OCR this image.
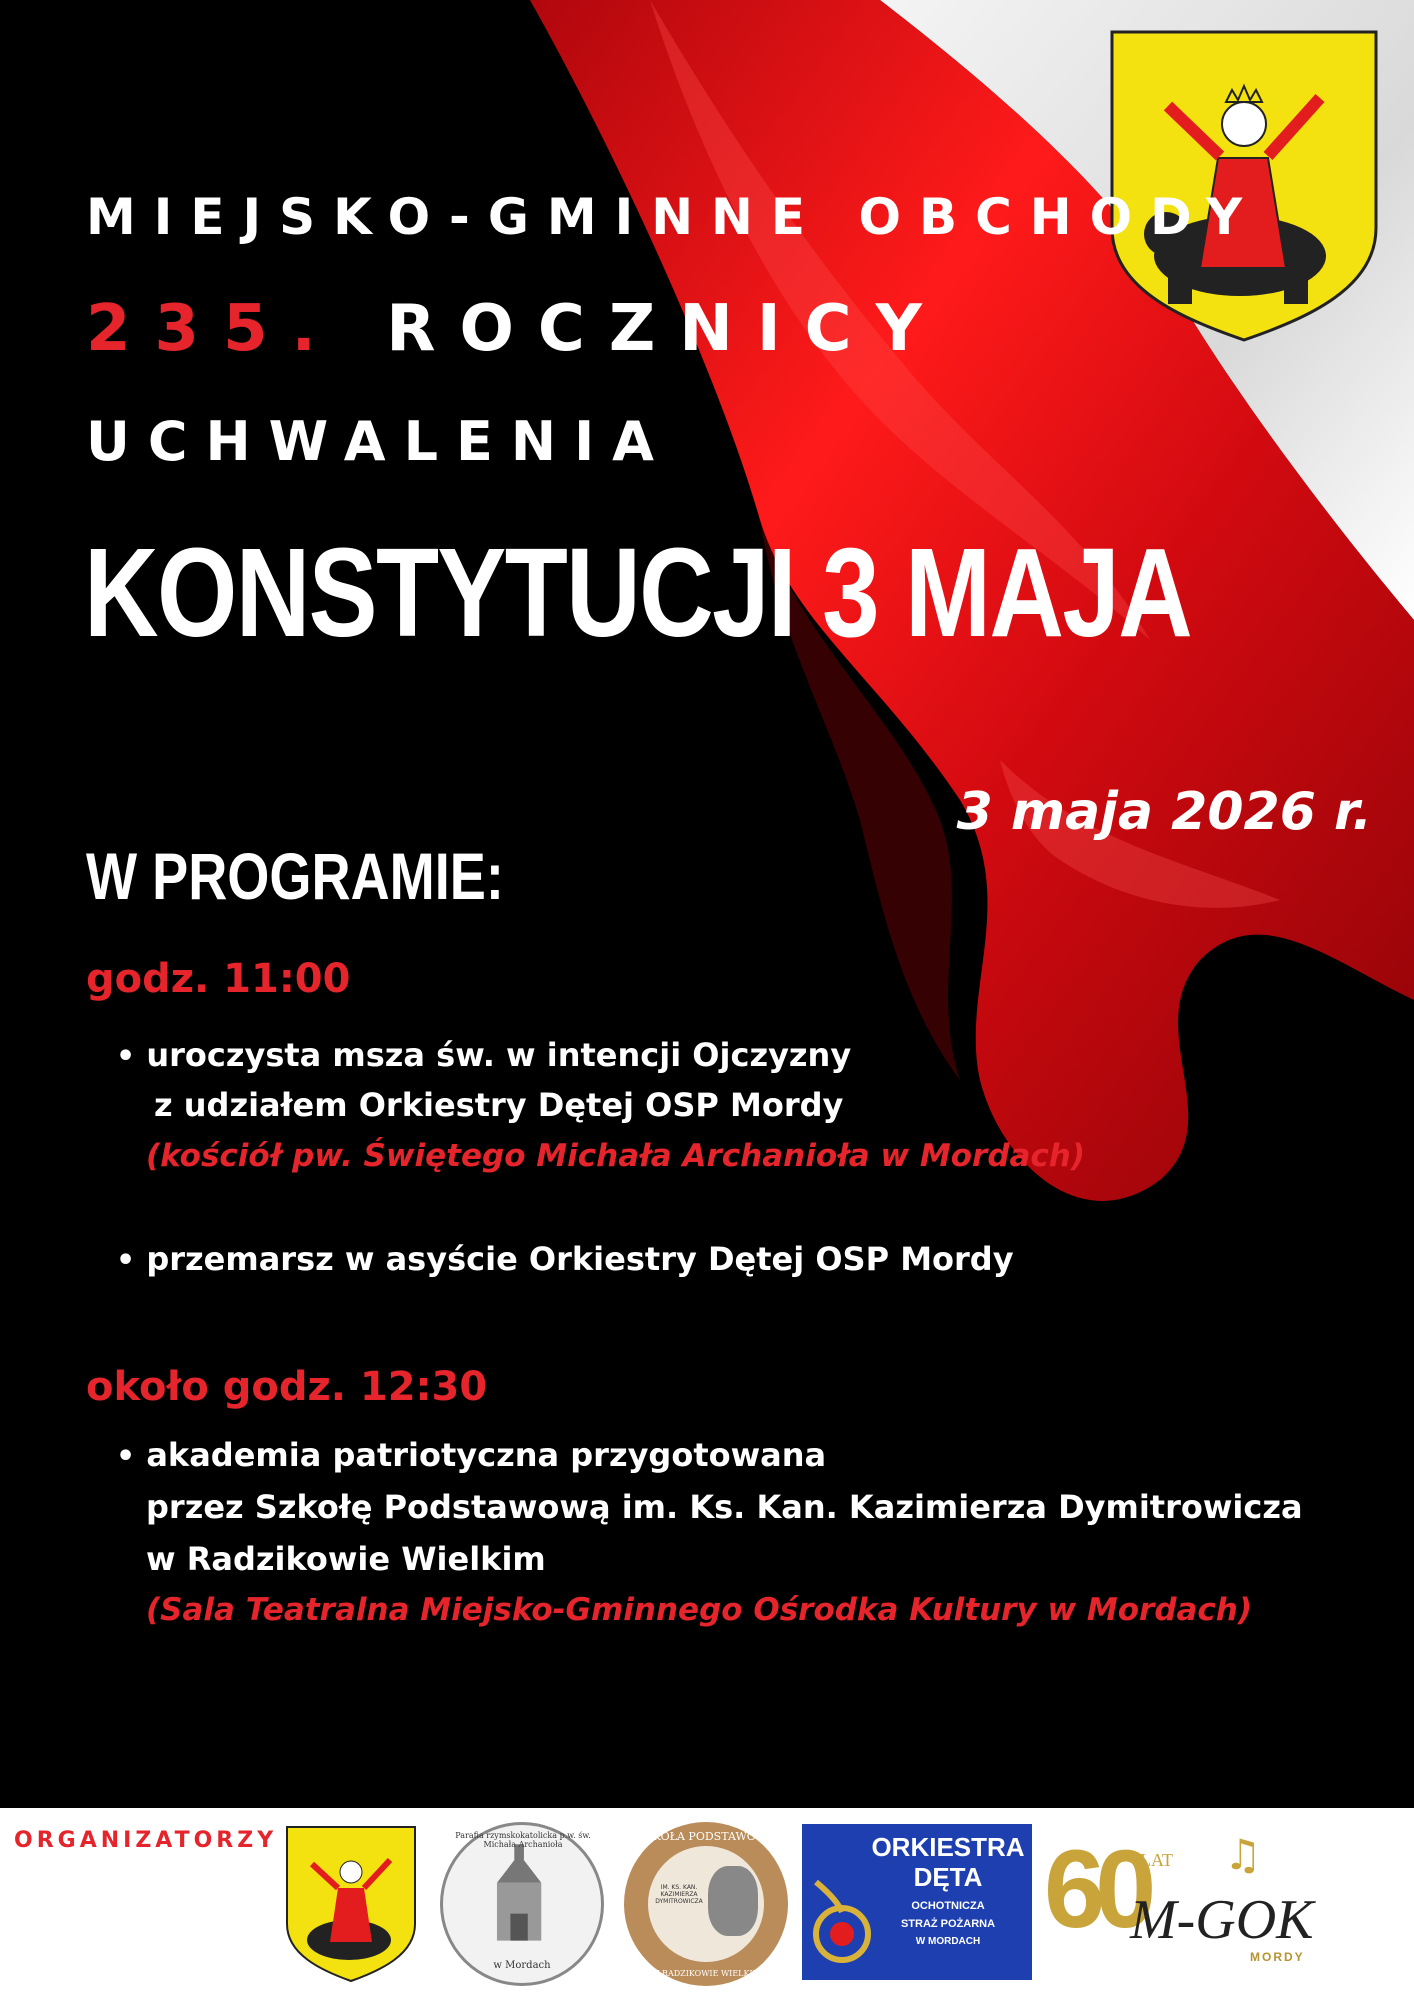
MIEJSKO-GMINNE OBCHODY
235. ROCZNICY
UCHWALENIA
KONSTYTUCJI 3 MAJA
3 maja 2026 r.
W PROGRAMIE:
godz. 11:00
• uroczysta msza św. w intencji Ojczyzny
z udziałem Orkiestry Dętej OSP Mordy
(kościół pw. Świętego Michała Archanioła w Mordach)
• przemarsz w asyście Orkiestry Dętej OSP Mordy
około godz. 12:30
• akademia patriotyczna przygotowana
przez Szkołę Podstawową im. Ks. Kan. Kazimierza Dymitrowicza
w Radzikowie Wielkim
(Sala Teatralna Miejsko-Gminnego Ośrodka Kultury w Mordach)
ORGANIZATORZY	Parafia rzymskokatolicka p.w. św. Michała Archanioła
w Mordach
SZKOŁA PODSTAWOWA
IM. KS. KAN. KAZIMIERZA DYMITROWICZA
W RADZIKOWIE WIELKIM
ORKIESTRA
DĘTA
OCHOTNICZA
STRAŻ POŻARNA
W MORDACH 60
LAT
M-GOK
MORDY
♫
